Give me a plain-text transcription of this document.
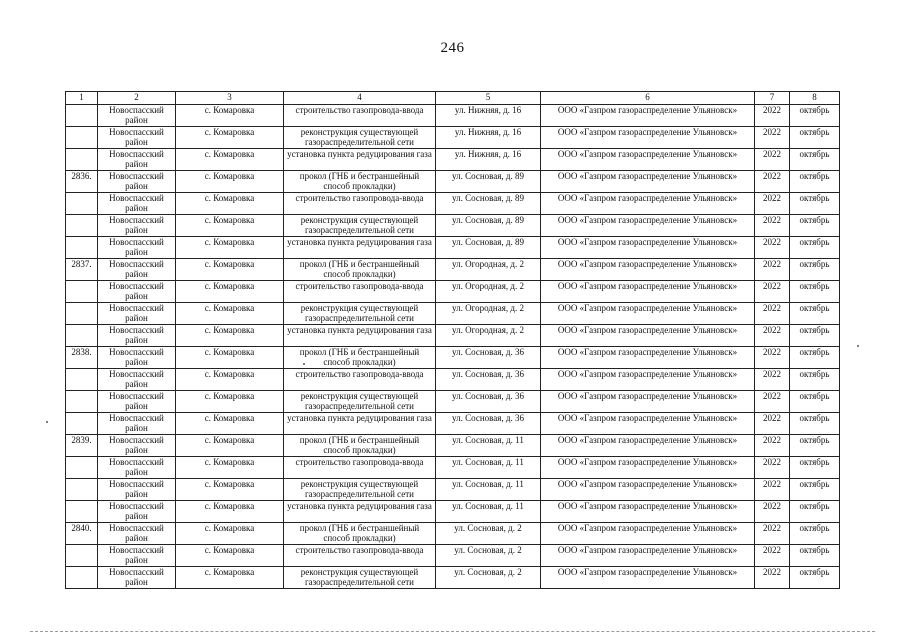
246
1	2	3	4	5	6	7	8
	Новоспасский район	с. Комаровка	строительство газопровода-ввода	ул. Нижняя, д. 16	ООО «Газпром газораспределение Ульяновск»	2022	октябрь
	Новоспасский район	с. Комаровка	реконструкция существующей газораспределительной сети	ул. Нижняя, д. 16	ООО «Газпром газораспределение Ульяновск»	2022	октябрь
	Новоспасский район	с. Комаровка	установка пункта редуцирования газа	ул. Нижняя, д. 16	ООО «Газпром газораспределение Ульяновск»	2022	октябрь
2836.	Новоспасский район	с. Комаровка	прокол (ГНБ и бестраншейный способ прокладки)	ул. Сосновая, д. 89	ООО «Газпром газораспределение Ульяновск»	2022	октябрь
	Новоспасский район	с. Комаровка	строительство газопровода-ввода	ул. Сосновая, д. 89	ООО «Газпром газораспределение Ульяновск»	2022	октябрь
	Новоспасский район	с. Комаровка	реконструкция существующей газораспределительной сети	ул. Сосновая, д. 89	ООО «Газпром газораспределение Ульяновск»	2022	октябрь
	Новоспасский район	с. Комаровка	установка пункта редуцирования газа	ул. Сосновая, д. 89	ООО «Газпром газораспределение Ульяновск»	2022	октябрь
2837.	Новоспасский район	с. Комаровка	прокол (ГНБ и бестраншейный способ прокладки)	ул. Огородная, д. 2	ООО «Газпром газораспределение Ульяновск»	2022	октябрь
	Новоспасский район	с. Комаровка	строительство газопровода-ввода	ул. Огородная, д. 2	ООО «Газпром газораспределение Ульяновск»	2022	октябрь
	Новоспасский район	с. Комаровка	реконструкция существующей газораспределительной сети	ул. Огородная, д. 2	ООО «Газпром газораспределение Ульяновск»	2022	октябрь
	Новоспасский район	с. Комаровка	установка пункта редуцирования газа	ул. Огородная, д. 2	ООО «Газпром газораспределение Ульяновск»	2022	октябрь
2838.	Новоспасский район	с. Комаровка	прокол (ГНБ и бестраншейный способ прокладки)	ул. Сосновая, д. 36	ООО «Газпром газораспределение Ульяновск»	2022	октябрь
	Новоспасский район	с. Комаровка	строительство газопровода-ввода	ул. Сосновая, д. 36	ООО «Газпром газораспределение Ульяновск»	2022	октябрь
	Новоспасский район	с. Комаровка	реконструкция существующей газораспределительной сети	ул. Сосновая, д. 36	ООО «Газпром газораспределение Ульяновск»	2022	октябрь
	Новоспасский район	с. Комаровка	установка пункта редуцирования газа	ул. Сосновая, д. 36	ООО «Газпром газораспределение Ульяновск»	2022	октябрь
2839.	Новоспасский район	с. Комаровка	прокол (ГНБ и бестраншейный способ прокладки)	ул. Сосновая, д. 11	ООО «Газпром газораспределение Ульяновск»	2022	октябрь
	Новоспасский район	с. Комаровка	строительство газопровода-ввода	ул. Сосновая, д. 11	ООО «Газпром газораспределение Ульяновск»	2022	октябрь
	Новоспасский район	с. Комаровка	реконструкция существующей газораспределительной сети	ул. Сосновая, д. 11	ООО «Газпром газораспределение Ульяновск»	2022	октябрь
	Новоспасский район	с. Комаровка	установка пункта редуцирования газа	ул. Сосновая, д. 11	ООО «Газпром газораспределение Ульяновск»	2022	октябрь
2840.	Новоспасский район	с. Комаровка	прокол (ГНБ и бестраншейный способ прокладки)	ул. Сосновая, д. 2	ООО «Газпром газораспределение Ульяновск»	2022	октябрь
	Новоспасский район	с. Комаровка	строительство газопровода-ввода	ул. Сосновая, д. 2	ООО «Газпром газораспределение Ульяновск»	2022	октябрь
	Новоспасский район	с. Комаровка	реконструкция существующей газораспределительной сети	ул. Сосновая, д. 2	ООО «Газпром газораспределение Ульяновск»	2022	октябрь
